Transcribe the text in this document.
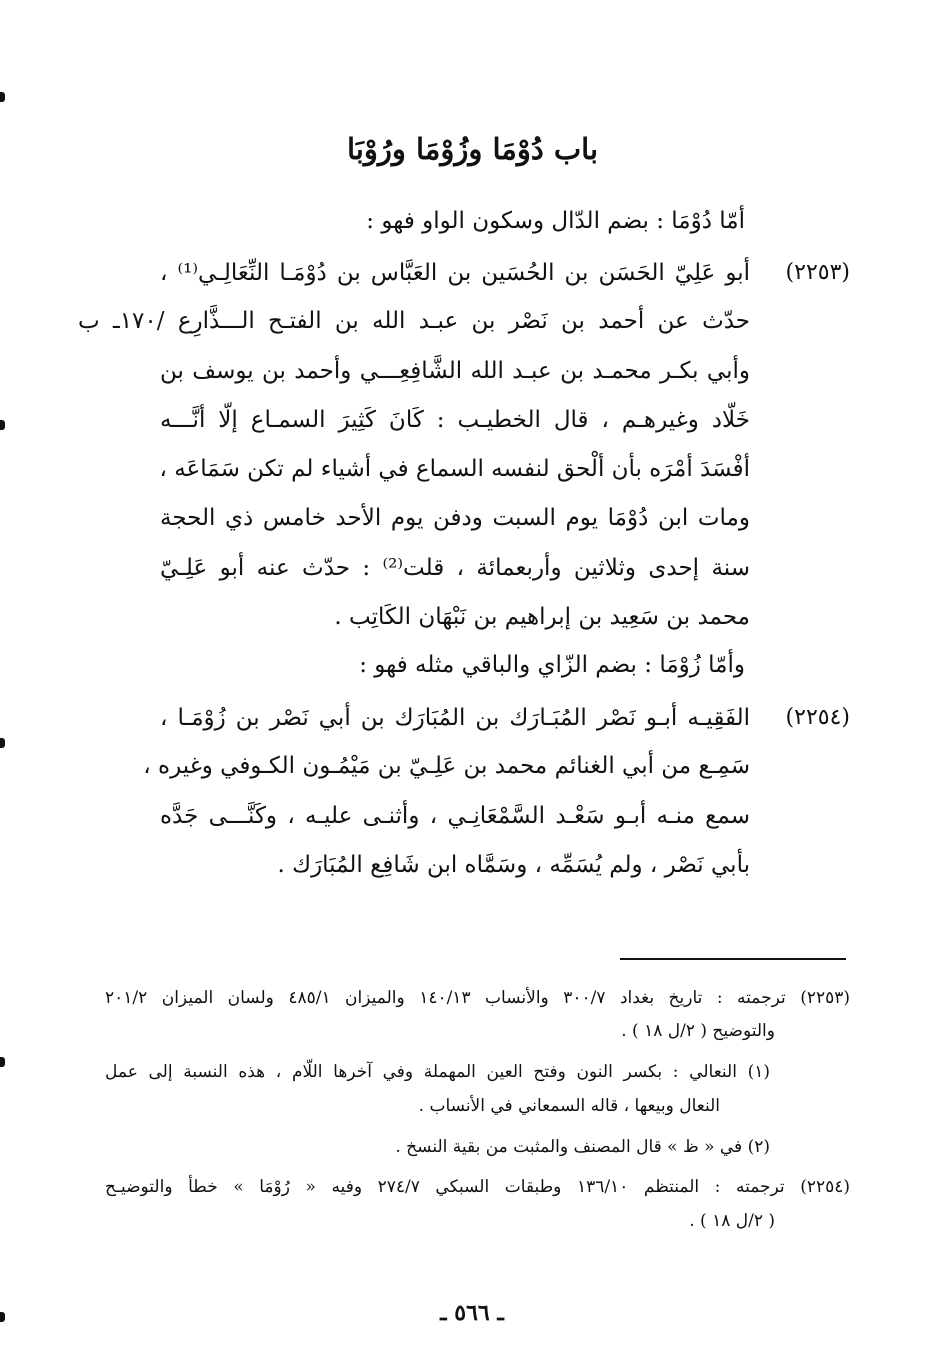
باب دُوْمَا وزُوْمَا ورُوْبَا
أمّا دُوْمَا : بضم الدّال وسكون الواو فهو :
(٢٢٥٣)
أبو عَلِيّ الحَسَن بن الحُسَين بن العَبَّاس بن دُوْمَـا النِّعَالِـي⁽¹⁾ ،
حدّث عن أحمد بن نَصْر بن عبـد الله بن الفتـح الـــذَّارِع /١٧٠ـ ب
وأبي بكـر محمـد بن عبـد الله الشَّافِعِـــي وأحمد بن يوسف بن
خَلّاد وغيرهـم ، قال الخطيـب : كَانَ كَثِيرَ السمـاع إلّا أنَّـــه
أفْسَدَ أمْرَه بأن ألْحق لنفسه السماع في أشياء لم تكن سَمَاعَه ،
ومات ابن دُوْمَا يوم السبت ودفن يوم الأحد خامس ذي الحجة
سنة إحدى وثلاثين وأربعمائة ، قلت⁽²⁾ : حدّث عنه أبو عَلِـيّ
محمد بن سَعِيد بن إبراهيم بن نَبْهَان الكَاتِب .
وأمّا زُوْمَا : بضم الزّاي والباقي مثله فهو :
(٢٢٥٤)
الفَقِيـه أبـو نَصْر المُبَـارَك بن المُبَارَك بن أبي نَصْر بن زُوْمَـا ،
سَمِـع من أبي الغنائم محمد بن عَلِـيّ بن مَيْمُـون الكـوفي وغيره ،
سمع منـه أبـو سَعْـد السَّمْعَانِـي ، وأثنـى عليـه ، وكَنَّـــى جَدَّه
بأبي نَصْر ، ولم يُسَمِّه ، وسَمَّاه ابن شَافِع المُبَارَك .
(٢٢٥٣) ترجمته : تاريخ بغداد ٣٠٠/٧ والأنساب ١٤٠/١٣ والميزان ٤٨٥/١ ولسان الميزان ٢٠١/٢
والتوضيح ( ٢/ل ١٨ ) .
(١) النعالي : بكسر النون وفتح العين المهملة وفي آخرها اللّام ، هذه النسبة إلى عمل
النعال وبيعها ، قاله السمعاني في الأنساب .
(٢) في « ظ » قال المصنف والمثبت من بقية النسخ .
(٢٢٥٤) ترجمته : المنتظم ١٣٦/١٠ وطبقات السبكي ٢٧٤/٧ وفيه « رُوْمَا » خطأ والتوضيـح
( ٢/ل ١٨ ) .
ـ ٥٦٦ ـ
